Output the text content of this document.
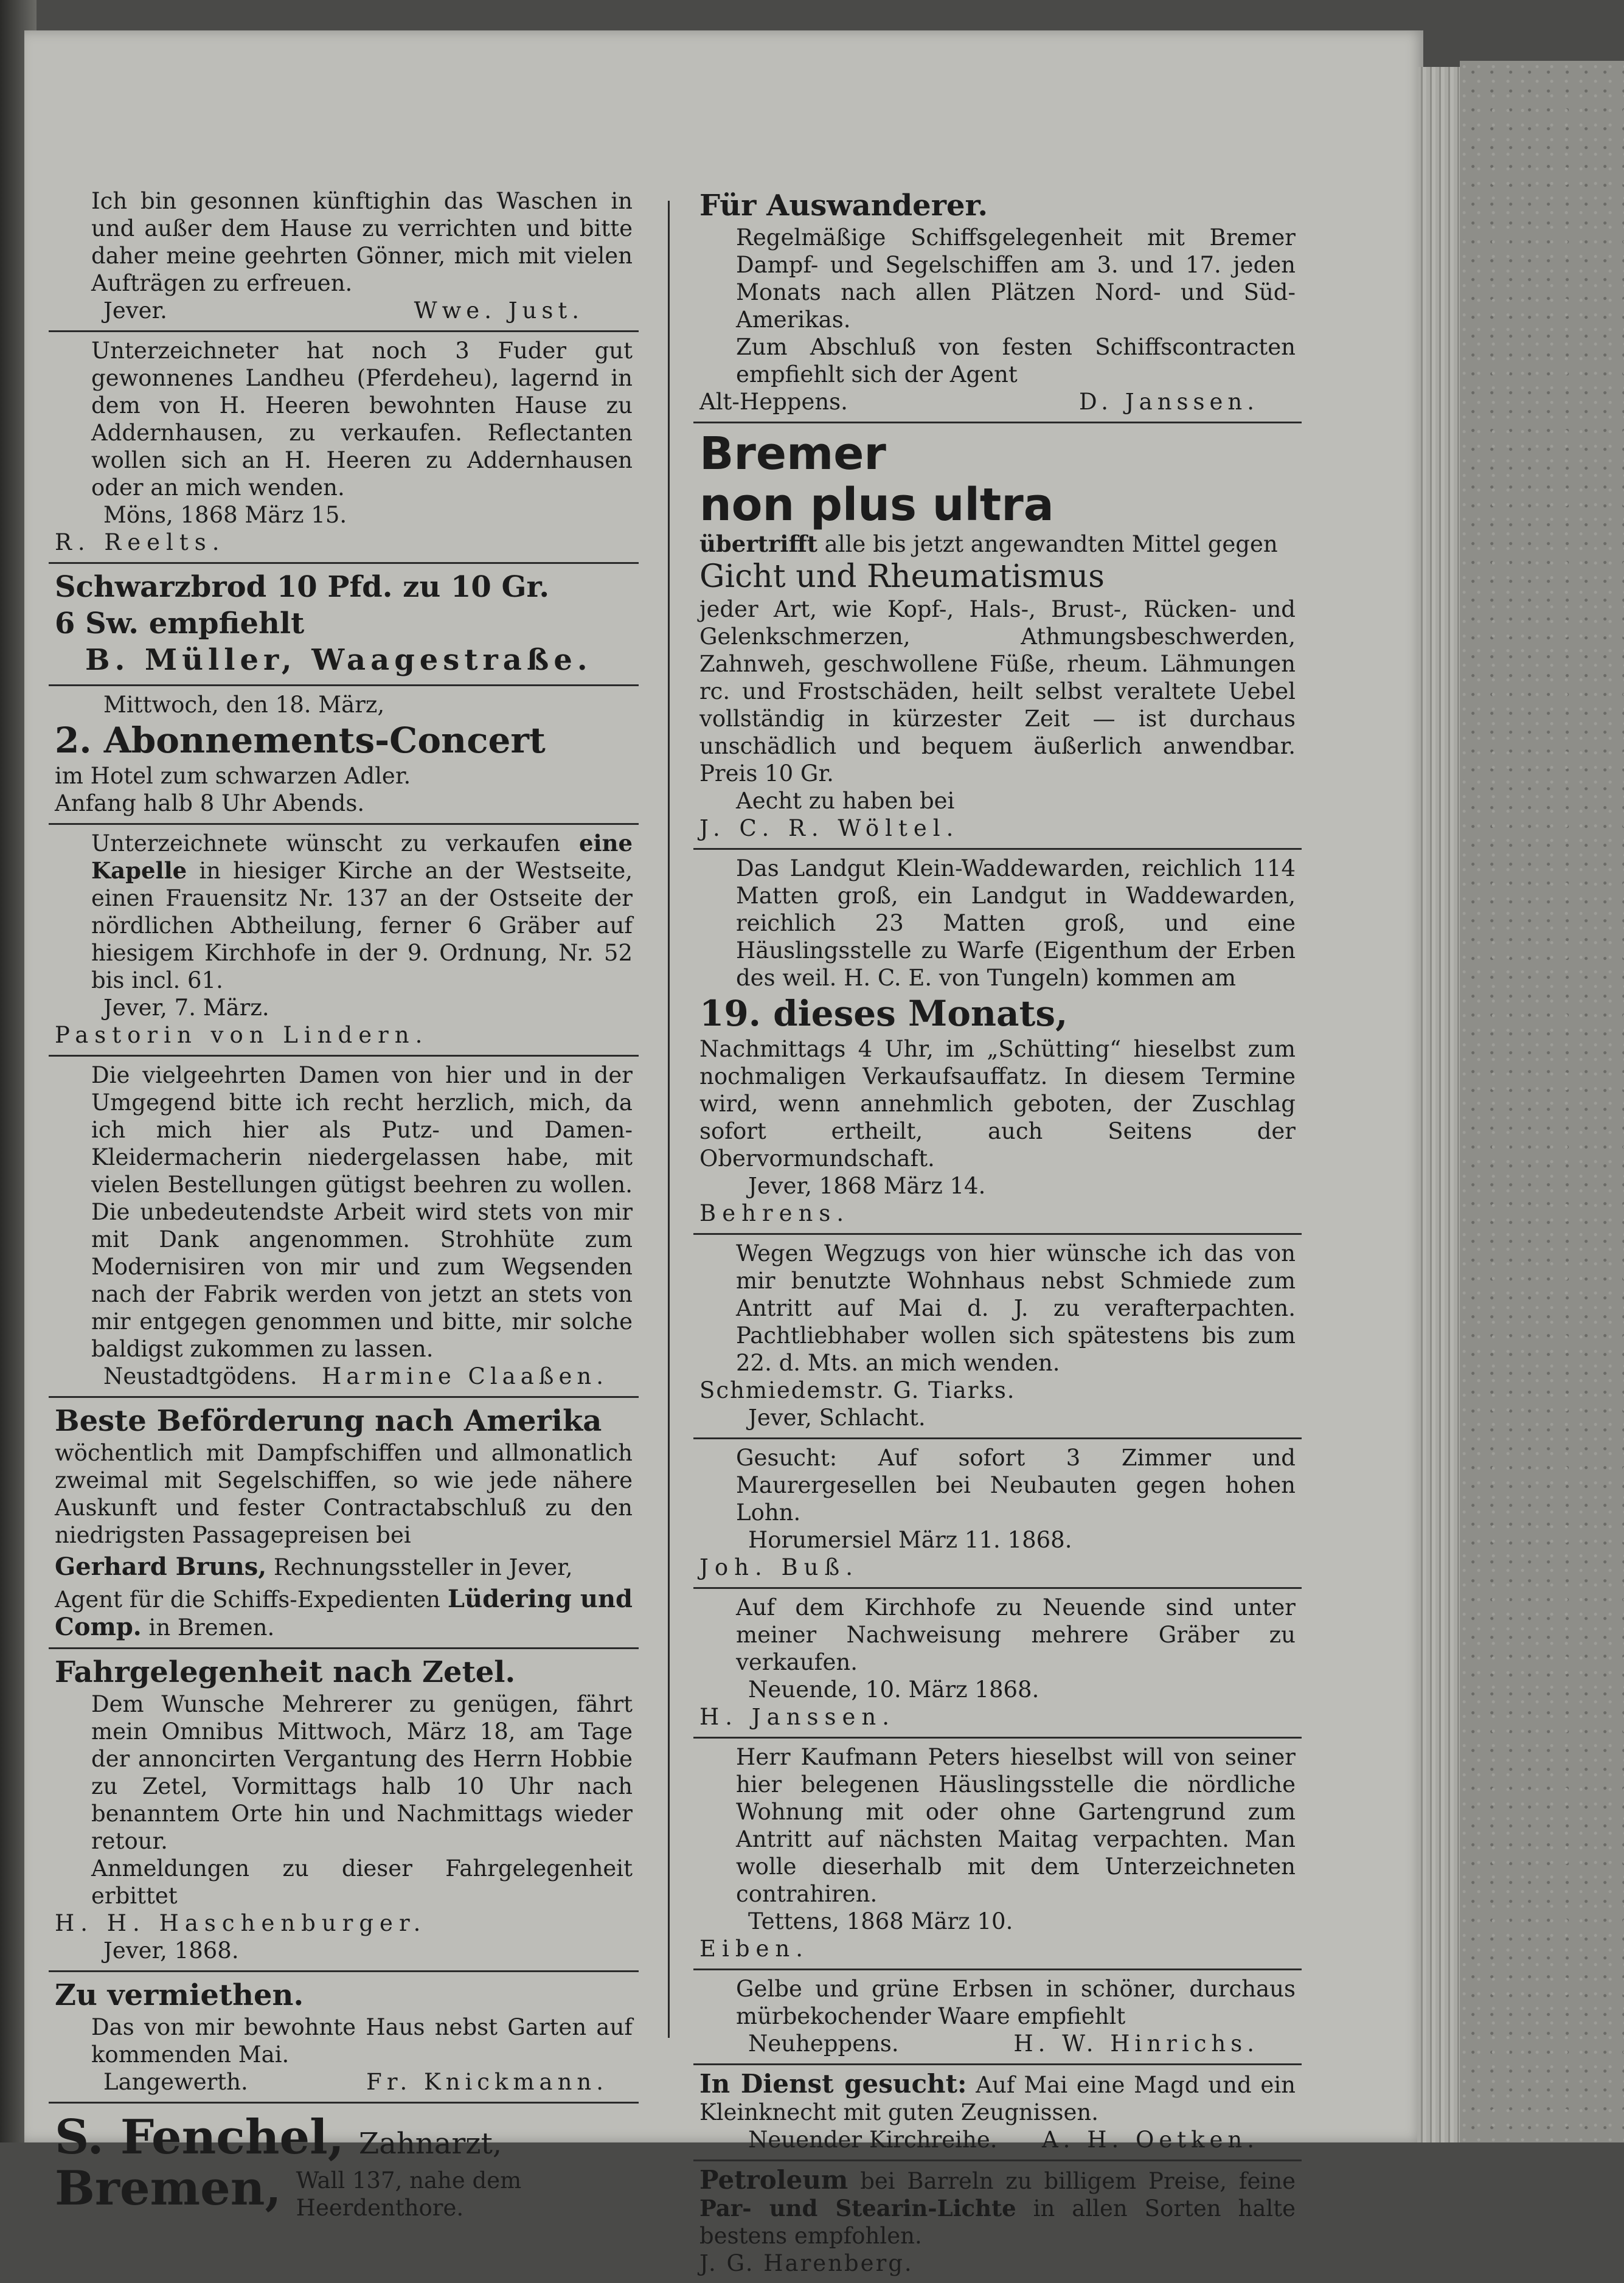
Ich bin gesonnen künftighin das Waschen in und außer dem Hause zu verrichten und bitte daher meine geehrten Gönner, mich mit vielen Aufträgen zu erfreuen.

Jever.	Wwe. Just.

Unterzeichneter hat noch 3 Fuder gut gewonnenes Landheu (Pferdeheu), lagernd in dem von H. Heeren bewohnten Hause zu Addernhausen, zu verkaufen. Reflectanten wollen sich an H. Heeren zu Addernhausen oder an mich wenden.

Möns, 1868 März 15.

R. Reelts.

Schwarzbrod 10 Pfd. zu 10 Gr.

6 Sw. empfiehlt

B. Müller, Waagestraße.

Mittwoch, den 18. März,

2. Abonnements-Concert

im Hotel zum schwarzen Adler.

Anfang halb 8 Uhr Abends.

Unterzeichnete wünscht zu verkaufen eine Kapelle in hiesiger Kirche an der Westseite, einen Frauensitz Nr. 137 an der Ostseite der nördlichen Abtheilung, ferner 6 Gräber auf hiesigem Kirchhofe in der 9. Ordnung, Nr. 52 bis incl. 61.

Jever, 7. März.

Pastorin von Lindern.

Die vielgeehrten Damen von hier und in der Umgegend bitte ich recht herzlich, mich, da ich mich hier als Putz- und Damen-Kleidermacherin niedergelassen habe, mit vielen Bestellungen gütigst beehren zu wollen. Die unbedeutendste Arbeit wird stets von mir mit Dank angenommen. Strohhüte zum Modernisiren von mir und zum Wegsenden nach der Fabrik werden von jetzt an stets von mir entgegen genommen und bitte, mir solche baldigst zukommen zu lassen.

Neustadtgödens. Harmine Claaßen.

Beste Beförderung nach Amerika

wöchentlich mit Dampfschiffen und allmonatlich zweimal mit Segelschiffen, so wie jede nähere Auskunft und fester Contractabschluß zu den niedrigsten Passagepreisen bei

Gerhard Bruns, Rechnungssteller in Jever,

Agent für die Schiffs-Expedienten Lüdering und Comp. in Bremen.

Fahrgelegenheit nach Zetel.

Dem Wunsche Mehrerer zu genügen, fährt mein Omnibus Mittwoch, März 18, am Tage der annoncirten Vergantung des Herrn Hobbie zu Zetel, Vormittags halb 10 Uhr nach benanntem Orte hin und Nachmittags wieder retour.

Anmeldungen zu dieser Fahrgelegenheit erbittet

H. H. Haschenburger.

Jever, 1868.

Zu vermiethen.

Das von mir bewohnte Haus nebst Garten auf kommenden Mai.

Langewerth.	Fr. Knickmann.
S. Fenchel, Zahnarzt,
Bremen, Wall 137, nahe dem Heerdenthore.

Für Auswanderer.

Regelmäßige Schiffsgelegenheit mit Bremer Dampf- und Segelschiffen am 3. und 17. jeden Monats nach allen Plätzen Nord- und Süd-Amerikas.

Zum Abschluß von festen Schiffscontracten empfiehlt sich der Agent

Alt-Heppens.	D. Janssen.

Bremer

non plus ultra

übertrifft alle bis jetzt angewandten Mittel gegen

Gicht und Rheumatismus

jeder Art, wie Kopf-, Hals-, Brust-, Rücken- und Gelenkschmerzen, Athmungsbeschwerden, Zahnweh, geschwollene Füße, rheum. Lähmungen rc. und Frostschäden, heilt selbst veraltete Uebel vollständig in kürzester Zeit — ist durchaus unschädlich und bequem äußerlich anwendbar. Preis 10 Gr.

Aecht zu haben bei

J. C. R. Wöltel.

Das Landgut Klein-Waddewarden, reichlich 114 Matten groß, ein Landgut in Waddewarden, reichlich 23 Matten groß, und eine Häuslingsstelle zu Warfe (Eigenthum der Erben des weil. H. C. E. von Tungeln) kommen am

19. dieses Monats,

Nachmittags 4 Uhr, im „Schütting“ hieselbst zum nochmaligen Verkaufsauffatz. In diesem Termine wird, wenn annehmlich geboten, der Zuschlag sofort ertheilt, auch Seitens der Obervormundschaft.

Jever, 1868 März 14.

Behrens.

Wegen Wegzugs von hier wünsche ich das von mir benutzte Wohnhaus nebst Schmiede zum Antritt auf Mai d. J. zu verafterpachten. Pachtliebhaber wollen sich spätestens bis zum 22. d. Mts. an mich wenden.

Schmiedemstr. G. Tiarks.

Jever, Schlacht.

Gesucht: Auf sofort 3 Zimmer und Maurergesellen bei Neubauten gegen hohen Lohn.

Horumersiel März 11. 1868.

Joh. Buß.

Auf dem Kirchhofe zu Neuende sind unter meiner Nachweisung mehrere Gräber zu verkaufen.

Neuende, 10. März 1868.

H. Janssen.

Herr Kaufmann Peters hieselbst will von seiner hier belegenen Häuslingsstelle die nördliche Wohnung mit oder ohne Gartengrund zum Antritt auf nächsten Maitag verpachten. Man wolle dieserhalb mit dem Unterzeichneten contrahiren.

Tettens, 1868 März 10.

Eiben.

Gelbe und grüne Erbsen in schöner, durchaus mürbekochender Waare empfiehlt

Neuheppens.	H. W. Hinrichs.

In Dienst gesucht: Auf Mai eine Magd und ein Kleinknecht mit guten Zeugnissen.

Neuender Kirchreihe. A. H. Oetken.

Petroleum bei Barreln zu billigem Preise, feine Par- und Stearin-Lichte in allen Sorten halte bestens empfohlen.

J. G. Harenberg.
